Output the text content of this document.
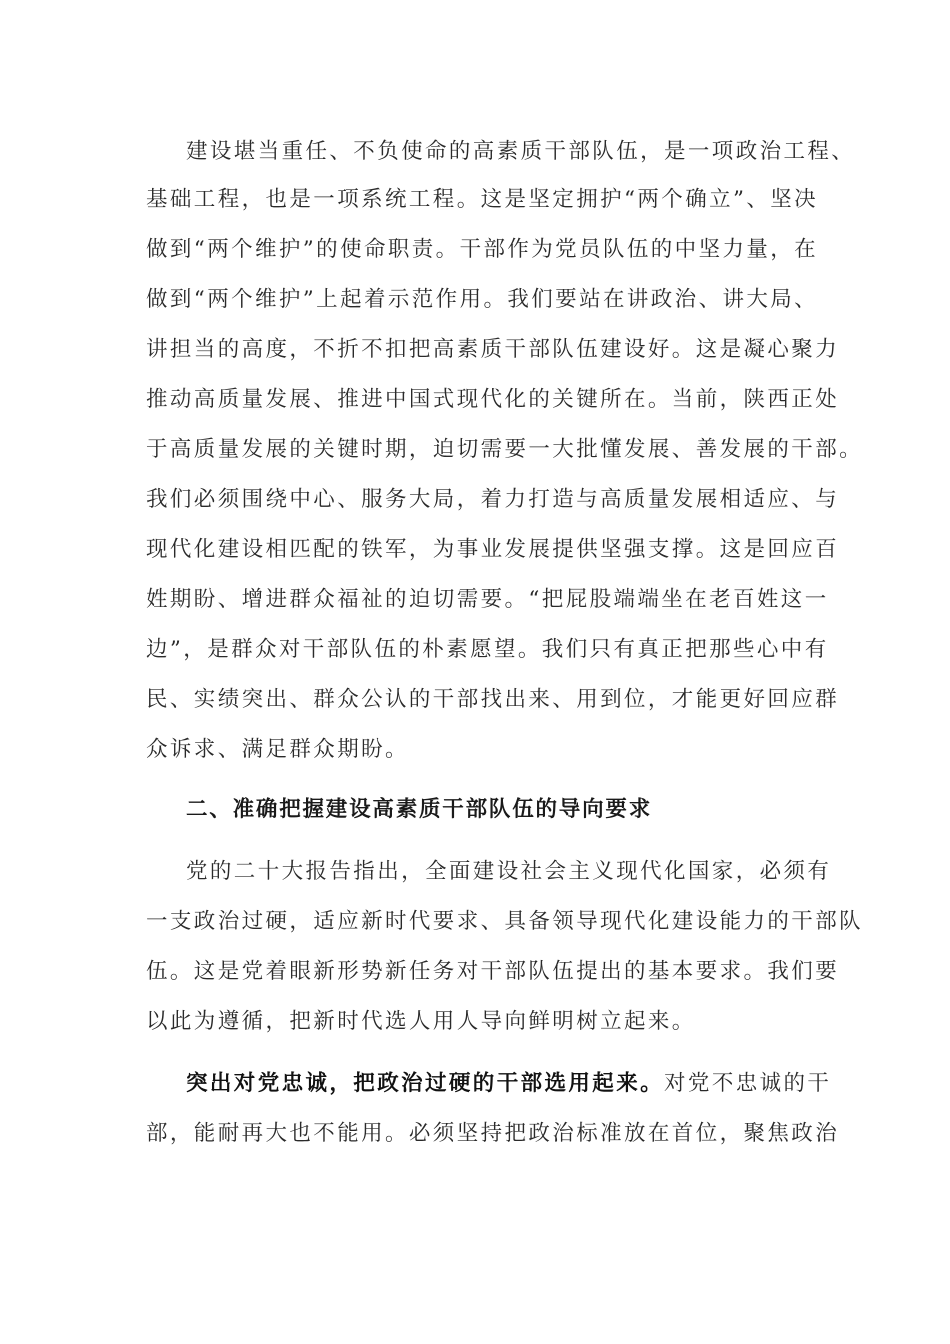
建设堪当重任、不负使命的高素质干部队伍，是一项政治工程、
基础工程，也是一项系统工程。这是坚定拥护“两个确立”、坚决
做到“两个维护”的使命职责。干部作为党员队伍的中坚力量，在
做到“两个维护”上起着示范作用。我们要站在讲政治、讲大局、
讲担当的高度，不折不扣把高素质干部队伍建设好。这是凝心聚力
推动高质量发展、推进中国式现代化的关键所在。当前，陕西正处
于高质量发展的关键时期，迫切需要一大批懂发展、善发展的干部。
我们必须围绕中心、服务大局，着力打造与高质量发展相适应、与
现代化建设相匹配的铁军，为事业发展提供坚强支撑。这是回应百
姓期盼、增进群众福祉的迫切需要。“把屁股端端坐在老百姓这一
边”，是群众对干部队伍的朴素愿望。我们只有真正把那些心中有
民、实绩突出、群众公认的干部找出来、用到位，才能更好回应群
众诉求、满足群众期盼。
二、准确把握建设高素质干部队伍的导向要求
党的二十大报告指出，全面建设社会主义现代化国家，必须有
一支政治过硬，适应新时代要求、具备领导现代化建设能力的干部队
伍。这是党着眼新形势新任务对干部队伍提出的基本要求。我们要
以此为遵循，把新时代选人用人导向鲜明树立起来。
突出对党忠诚，把政治过硬的干部选用起来。对党不忠诚的干
部，能耐再大也不能用。必须坚持把政治标准放在首位，聚焦政治
